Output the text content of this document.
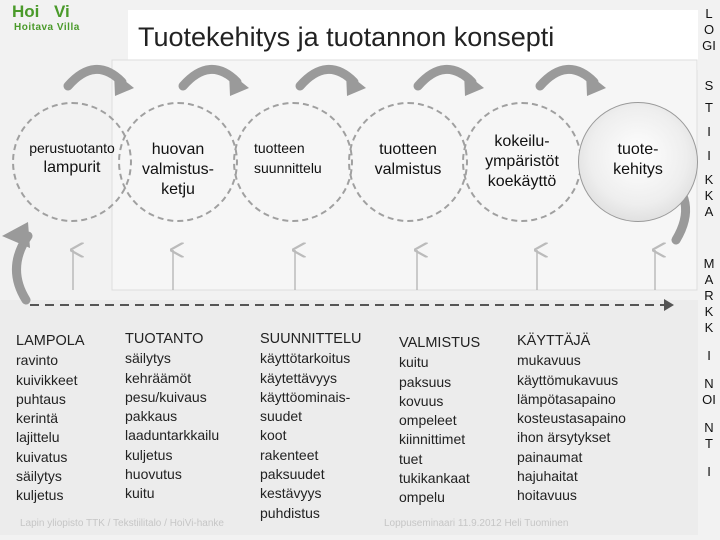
Hoi Vi
Hoitava Villa Tuotekehitys ja tuotannon konsepti
L
O
GI
S
T
I
I
K
K
A
M
A
R
K
K
I
N
OI
N
T
I
perustuotanto
lampurit
huovan
valmistus-
ketju
tuotteen
suunnittelu
tuotteen
valmistus
kokeilu-
ympäristöt
koekäyttö
tuote-
kehitys
LAMPOLA
ravinto
kuivikkeet
puhtaus
kerintä
lajittelu
kuivatus
säilytys
kuljetus
TUOTANTO
säilytys
kehräämöt
pesu/kuivaus
pakkaus
laaduntarkkailu
kuljetus
huovutus
kuitu
SUUNNITTELU
käyttötarkoitus
käytettävyys
käyttöominais-
suudet
koot
rakenteet
paksuudet
kestävyys
puhdistus
VALMISTUS
kuitu
paksuus
kovuus
ompeleet
kiinnittimet
tuet
tukikankaat
ompelu
KÄYTTÄJÄ
mukavuus
käyttömukavuus
lämpötasapaino
kosteustasapaino
ihon ärsytykset
painaumat
hajuhaitat
hoitavuus
Lapin yliopisto TTK / Tekstiilitalo / HoiVi-hanke	Loppuseminaari 11.9.2012 Heli Tuominen
